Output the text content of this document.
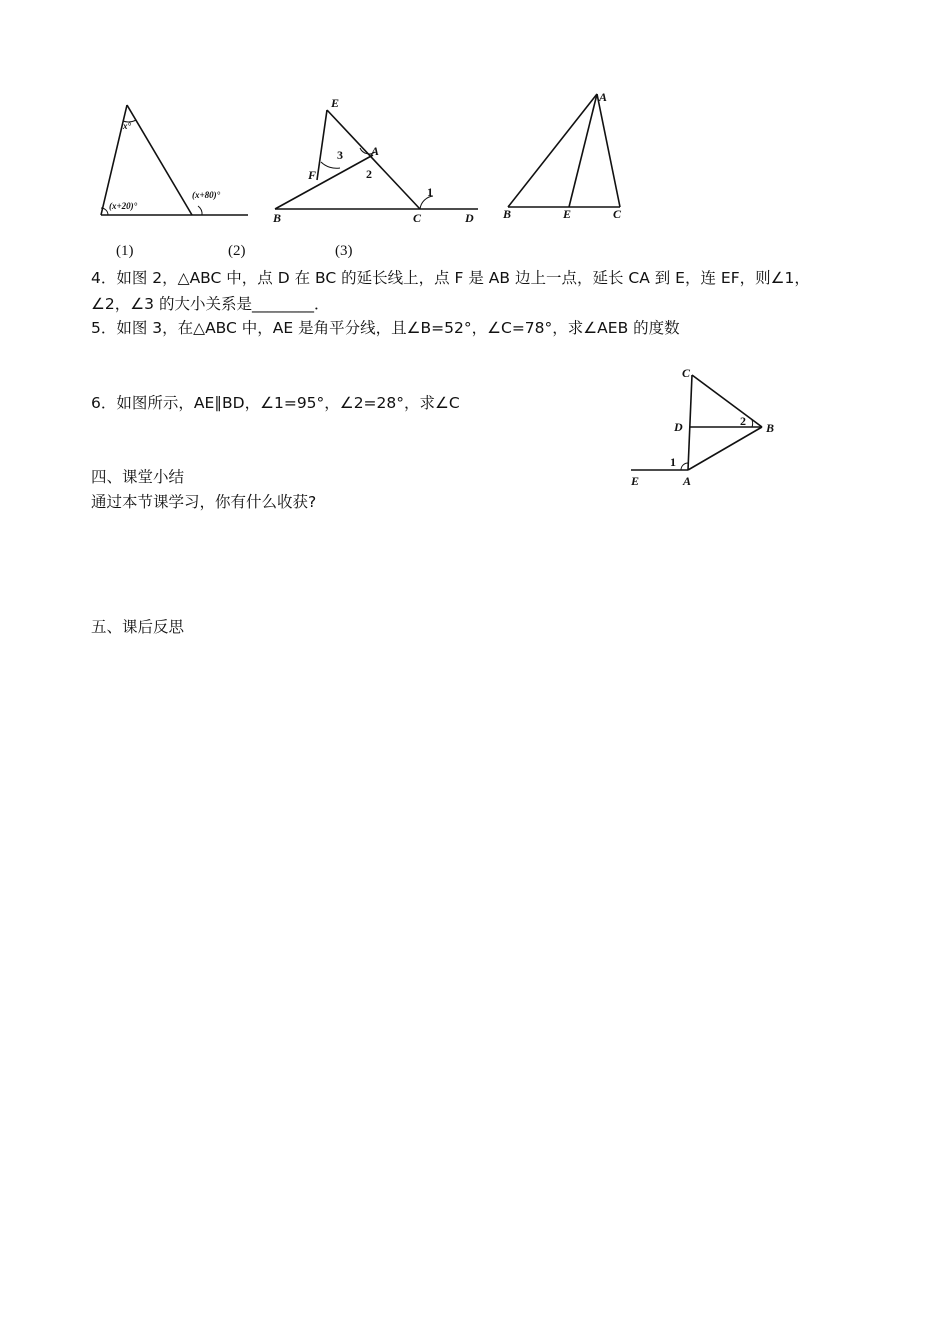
x°
(x+20)°
(x+80)°
E
A
F
B	C	D
1
2
3
A
B	E	C
(1)	(2)	(3)
4．如图 2，△ABC 中，点 D 在 BC 的延长线上，点 F 是 AB 边上一点，延长 CA 到 E，连 EF，则∠1，
∠2，∠3 的大小关系是________．
5．如图 3，在△ABC 中，AE 是角平分线，且∠B=52°，∠C=78°，求∠AEB 的度数
6．如图所示，AE∥BD，∠1=95°，∠2=28°，求∠C
C
D	B
E	A
1
2
四、课堂小结
通过本节课学习，你有什么收获?
五、课后反思
